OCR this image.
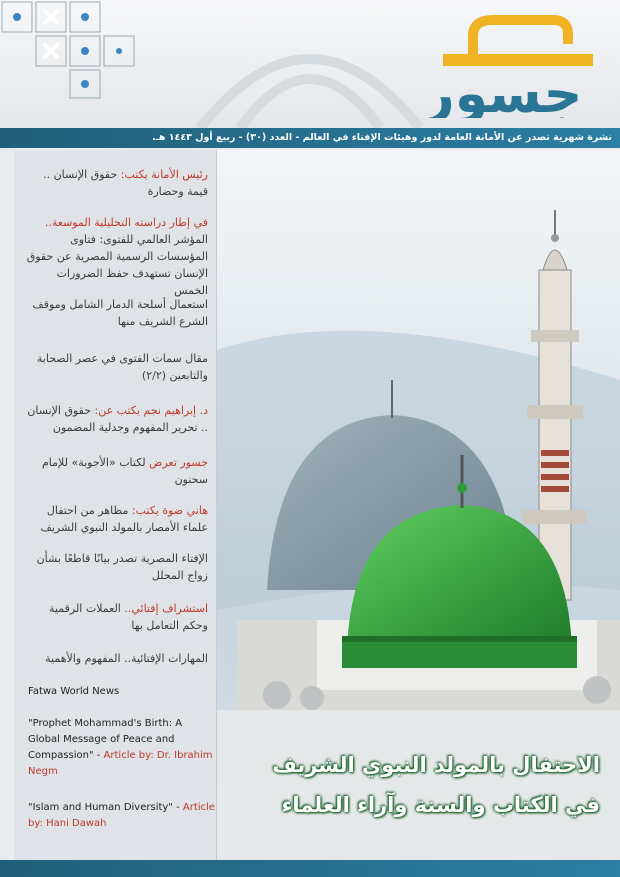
جسور
نشرة شهرية تصدر عن الأمانة العامة لدور وهيئات الإفتاء في العالم - العدد (٣٠) - ربيع أول ١٤٤٣ هـ.
رئيس الأمانة يكتب: حقوق الإنسان .. قيمة وحضارة
في إطار دراسته التحليلية الموسعة.. المؤشر العالمي للفتوى: فتاوى المؤسسات الرسمية المصرية عن حقوق الإنسان تستهدف حفظ الضرورات الخمس
استعمال أسلحة الدمار الشامل وموقف الشرع الشريف منها
مقال سمات الفتوى في عصر الصحابة والتابعين (٢/٢)
د. إبراهيم نجم يكتب عن: حقوق الإنسان .. تحرير المفهوم وجدلية المضمون
جسور تعرض لكتاب «الأجوبة» للإمام سحنون
هاني ضوة يكتب: مظاهر من احتفال علماء الأمصار بالمولد النبوي الشريف
الإفتاء المصرية تصدر بيانًا قاطعًا بشأن زواج المحلل
استشراف إفتائي.. العملات الرقمية وحكم التعامل بها
المهارات الإفتائية.. المفهوم والأهمية
Fatwa World News
"Prophet Mohammad's Birth: A Global Message of Peace and Compassion" - Article by: Dr. Ibrahim Negm
"Islam and Human Diversity" - Article by: Hani Dawah
الاحتفال بالمولد النبوي الشريف
في الكتاب والسنة وآراء العلماء
